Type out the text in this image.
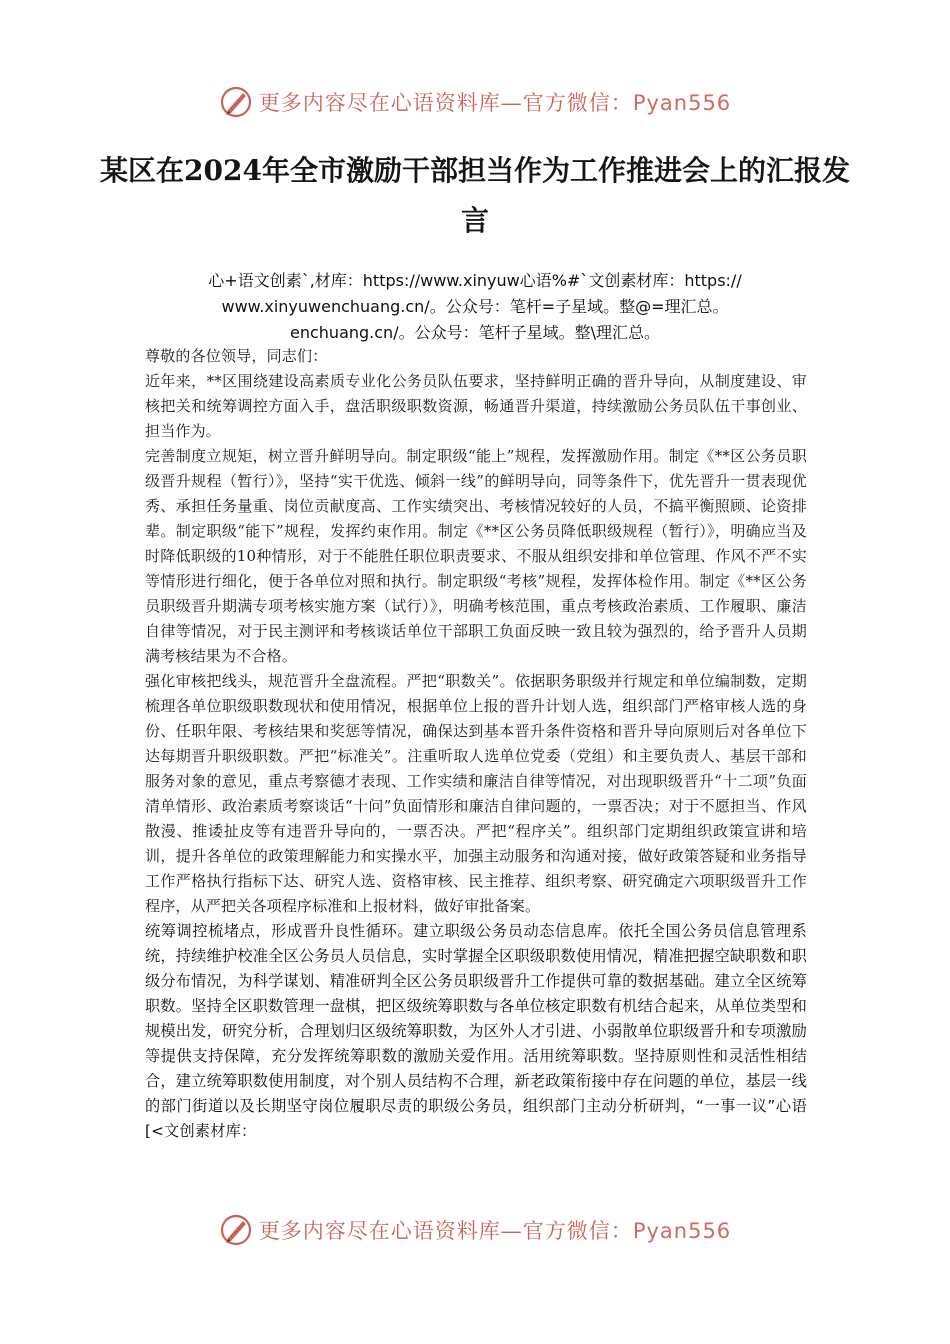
更多内容尽在心语资料库—官方微信：Pyan556
某区在2024年全市激励干部担当作为工作推进会上的汇报发言
心+语文创素`,材库：https://www.xinyuw心语%#`文创素材库：https://
www.xinyuwenchuang.cn/。公众号：笔杆=子星域。整@=理汇总。
enchuang.cn/。公众号：笔杆子星域。整\理汇总。

尊敬的各位领导，同志们：

近年来，**区围绕建设高素质专业化公务员队伍要求，坚持鲜明正确的晋升导向，从制度建设、审核把关和统筹调控方面入手，盘活职级职数资源，畅通晋升渠道，持续激励公务员队伍干事创业、担当作为。

完善制度立规矩，树立晋升鲜明导向。制定职级“能上”规程，发挥激励作用。制定《**区公务员职级晋升规程（暂行）》，坚持“实干优选、倾斜一线”的鲜明导向，同等条件下，优先晋升一贯表现优秀、承担任务量重、岗位贡献度高、工作实绩突出、考核情况较好的人员，不搞平衡照顾、论资排辈。制定职级“能下”规程，发挥约束作用。制定《**区公务员降低职级规程（暂行）》，明确应当及时降低职级的10种情形，对于不能胜任职位职责要求、不服从组织安排和单位管理、作风不严不实等情形进行细化，便于各单位对照和执行。制定职级“考核”规程，发挥体检作用。制定《**区公务员职级晋升期满专项考核实施方案（试行）》，明确考核范围，重点考核政治素质、工作履职、廉洁自律等情况，对于民主测评和考核谈话单位干部职工负面反映一致且较为强烈的，给予晋升人员期满考核结果为不合格。

强化审核把线头，规范晋升全盘流程。严把“职数关”。依据职务职级并行规定和单位编制数，定期梳理各单位职级职数现状和使用情况，根据单位上报的晋升计划人选，组织部门严格审核人选的身份、任职年限、考核结果和奖惩等情况，确保达到基本晋升条件资格和晋升导向原则后对各单位下达每期晋升职级职数。严把“标准关”。注重听取人选单位党委（党组）和主要负责人、基层干部和服务对象的意见，重点考察德才表现、工作实绩和廉洁自律等情况，对出现职级晋升“十二项”负面清单情形、政治素质考察谈话“十问”负面情形和廉洁自律问题的，一票否决；对于不愿担当、作风散漫、推诿扯皮等有违晋升导向的，一票否决。严把“程序关”。组织部门定期组织政策宣讲和培训，提升各单位的政策理解能力和实操水平，加强主动服务和沟通对接，做好政策答疑和业务指导工作严格执行指标下达、研究人选、资格审核、民主推荐、组织考察、研究确定六项职级晋升工作程序，从严把关各项程序标准和上报材料，做好审批备案。

统筹调控梳堵点，形成晋升良性循环。建立职级公务员动态信息库。依托全国公务员信息管理系统，持续维护校准全区公务员人员信息，实时掌握全区职级职数使用情况，精准把握空缺职数和职级分布情况，为科学谋划、精准研判全区公务员职级晋升工作提供可靠的数据基础。建立全区统筹职数。坚持全区职数管理一盘棋，把区级统筹职数与各单位核定职数有机结合起来，从单位类型和规模出发，研究分析，合理划归区级统筹职数，为区外人才引进、小弱散单位职级晋升和专项激励等提供支持保障，充分发挥统筹职数的激励关爱作用。活用统筹职数。坚持原则性和灵活性相结合，建立统筹职数使用制度，对个别人员结构不合理，新老政策衔接中存在问题的单位，基层一线的部门街道以及长期坚守岗位履职尽责的职级公务员，组织部门主动分析研判，“一事一议”心语[<文创素材库：

更多内容尽在心语资料库—官方微信：Pyan556
